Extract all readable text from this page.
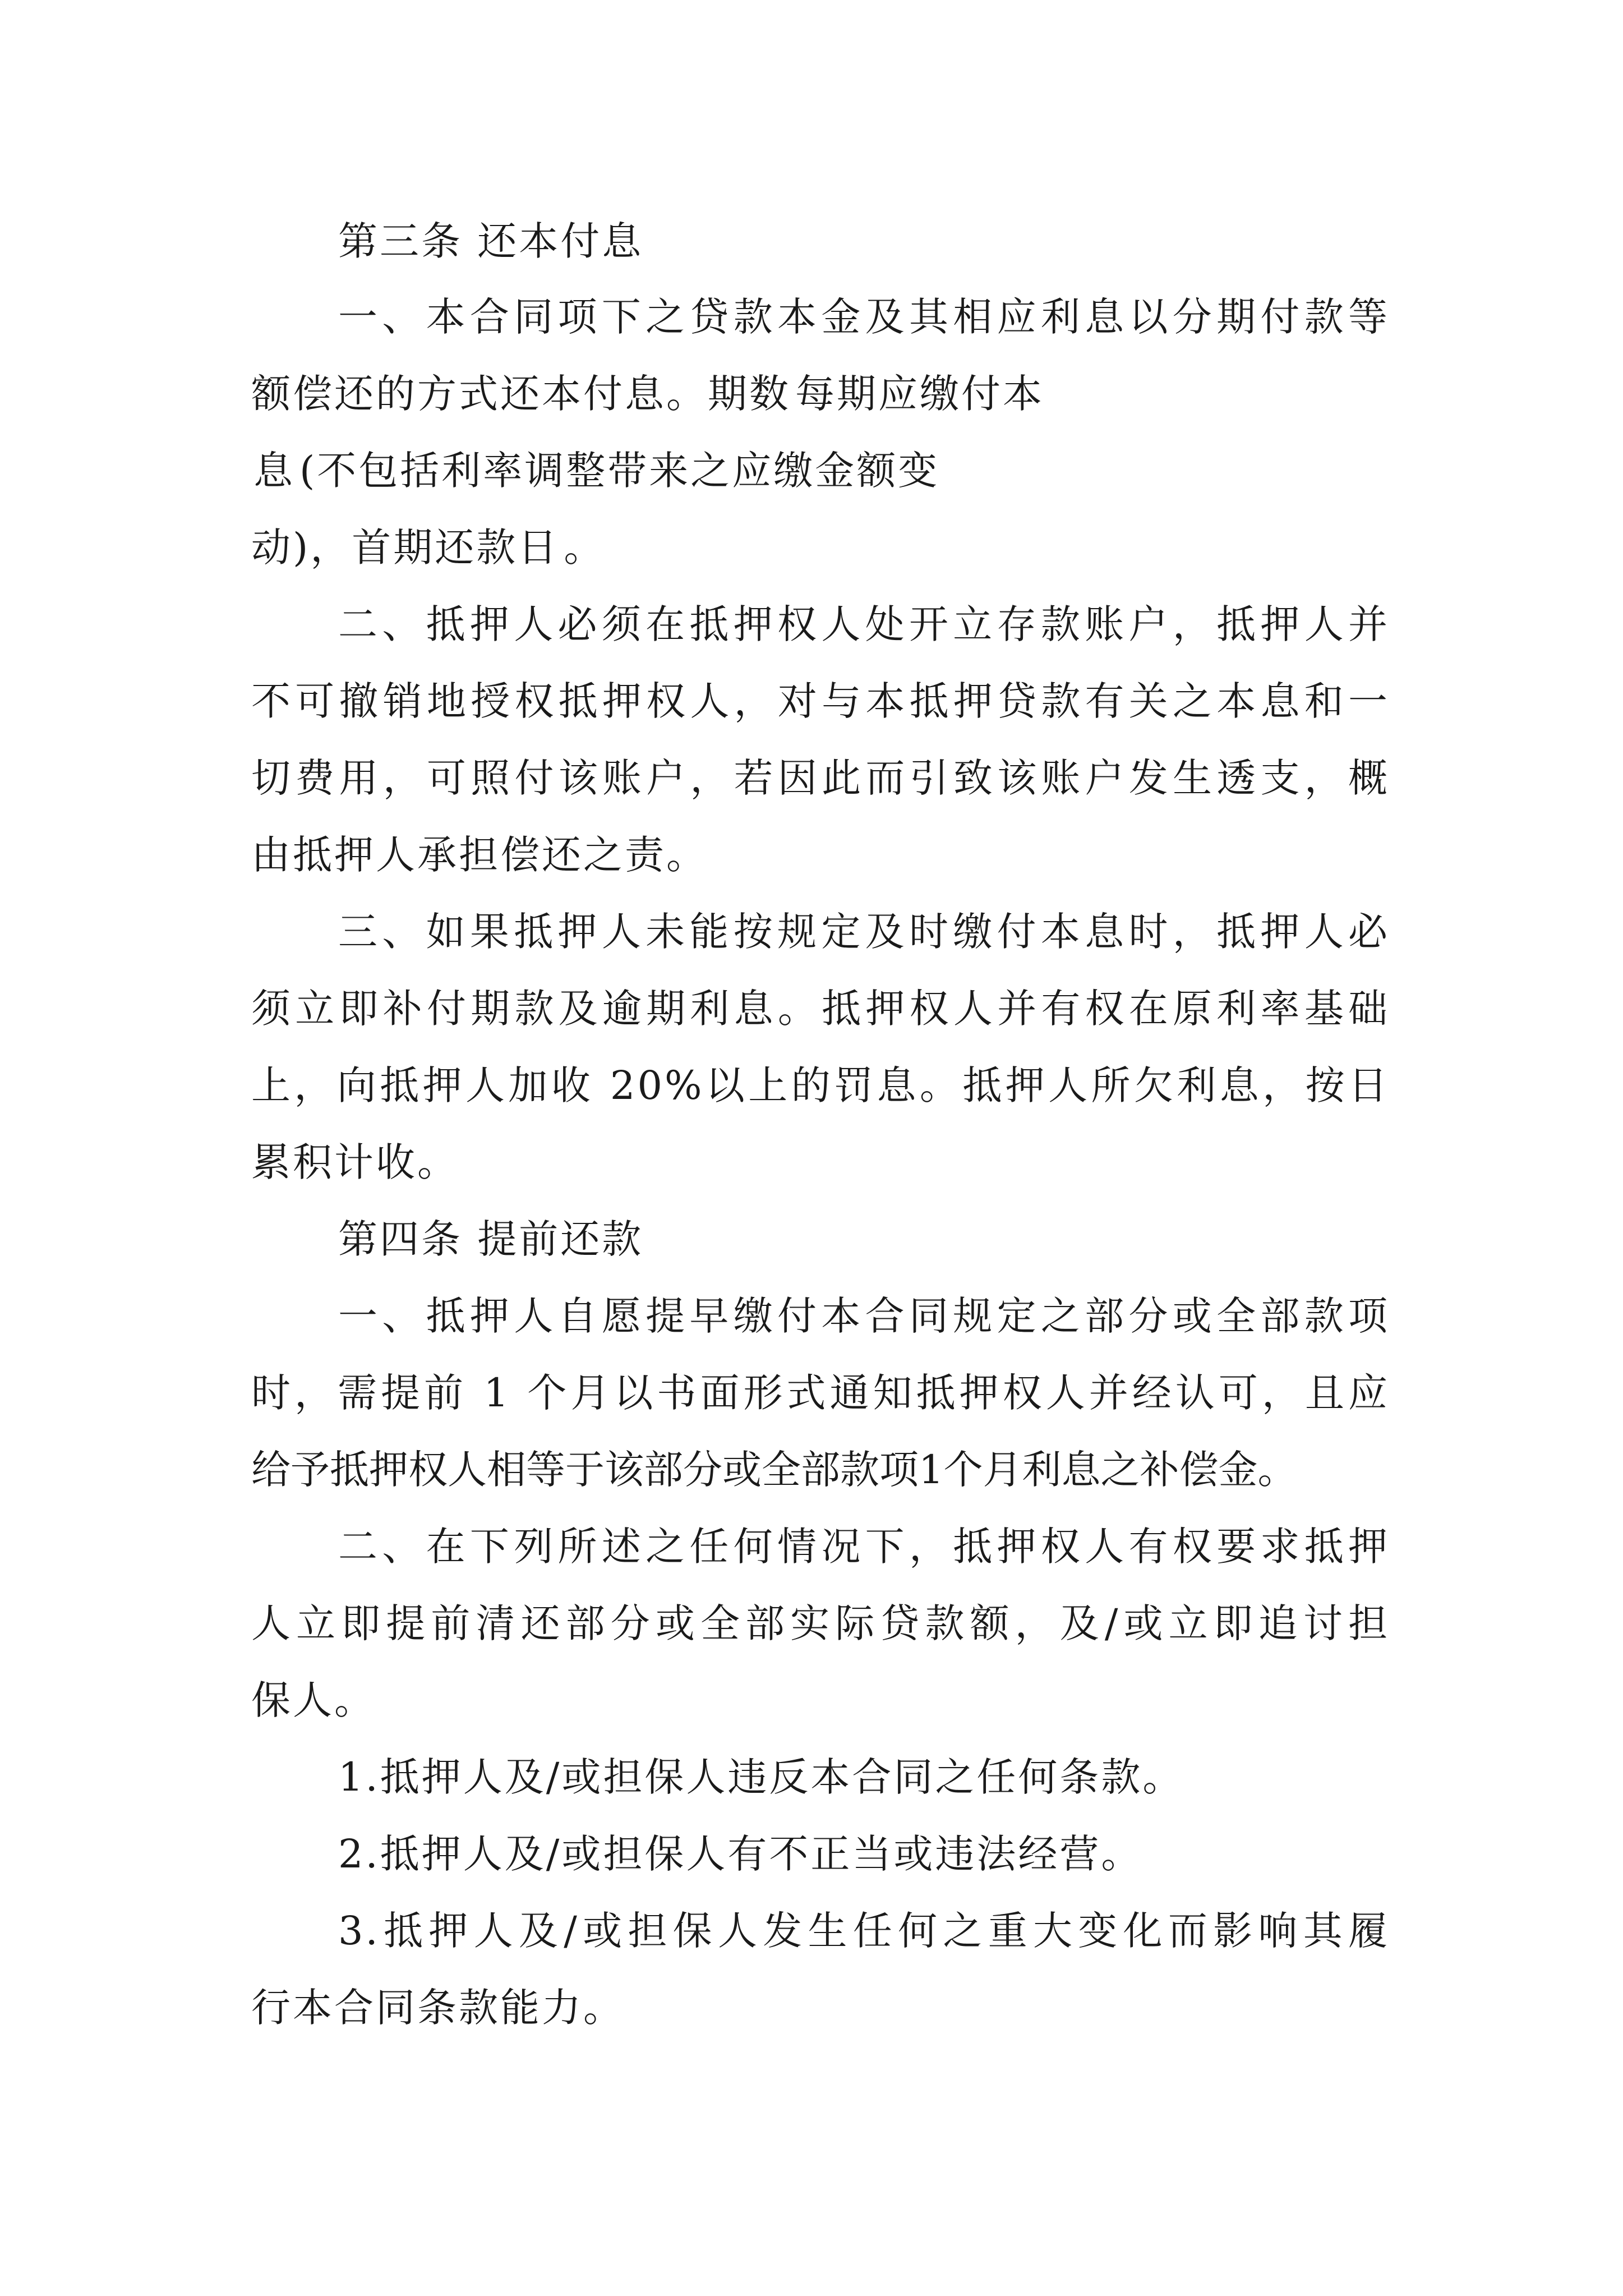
第三条 还本付息
一、本合同项下之贷款本金及其相应利息以分期付款等
额偿还的方式还本付息。期数 每期应缴付本
息 (不包括利率调整带来之应缴金额变
动)，首期还款日 。
二、抵押人必须在抵押权人处开立存款账户，抵押人并
不可撤销地授权抵押权人，对与本抵押贷款有关之本息和一
切费用，可照付该账户，若因此而引致该账户发生透支，概
由抵押人承担偿还之责。
三、如果抵押人未能按规定及时缴付本息时，抵押人必
须立即补付期款及逾期利息。抵押权人并有权在原利率基础
上，向抵押人加收 20%以上的罚息。抵押人所欠利息，按日
累积计收。
第四条 提前还款
一、抵押人自愿提早缴付本合同规定之部分或全部款项
时，需提前 1 个月以书面形式通知抵押权人并经认可，且应
给予抵押权人相等于该部分或全部款项1个月利息之补偿金。
二、在下列所述之任何情况下，抵押权人有权要求抵押
人立即提前清还部分或全部实际贷款额，及/或立即追讨担
保人。
1.抵押人及/或担保人违反本合同之任何条款。
2.抵押人及/或担保人有不正当或违法经营。
3.抵押人及/或担保人发生任何之重大变化而影响其履
行本合同条款能力。
